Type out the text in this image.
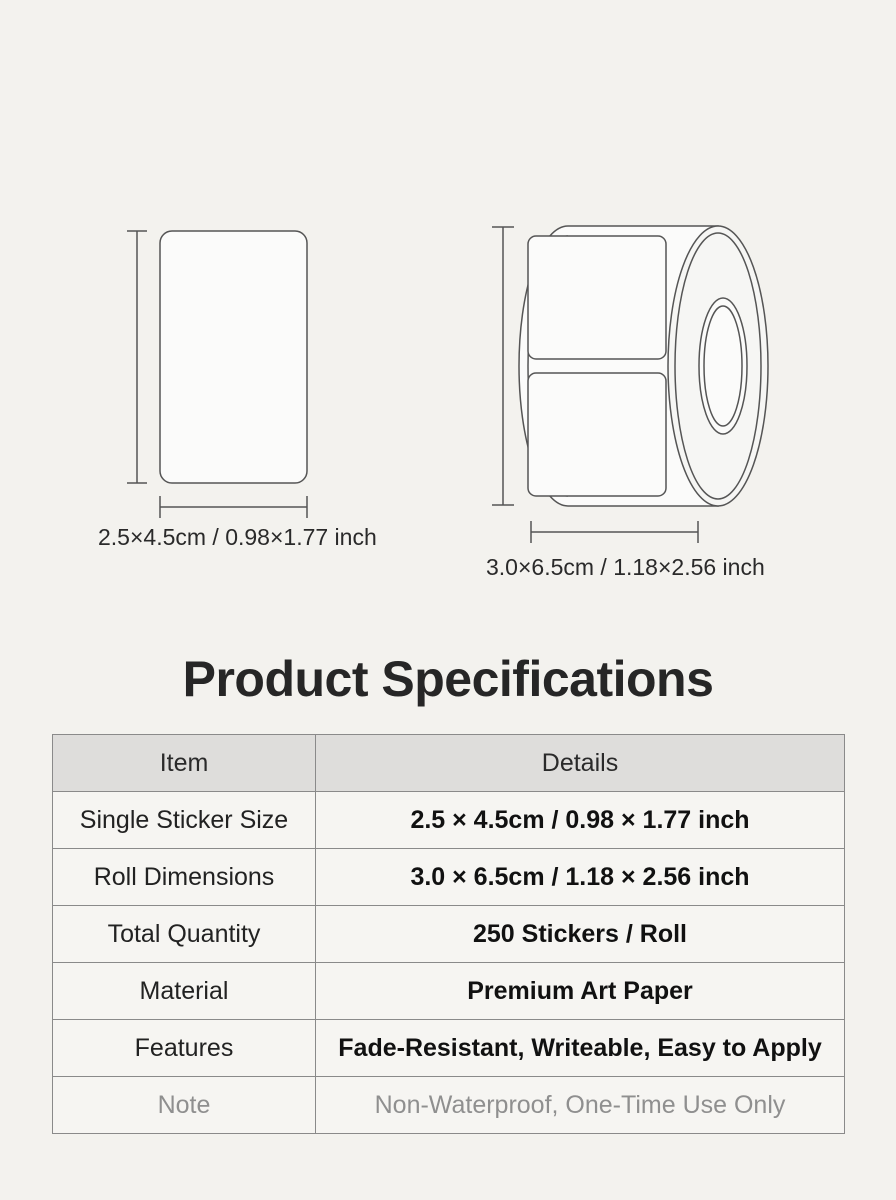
2.5×4.5cm / 0.98×1.77 inch
3.0×6.5cm / 1.18×2.56 inch
Product Specifications
Item	Details
Single Sticker Size	2.5 × 4.5cm / 0.98 × 1.77 inch
Roll Dimensions	3.0 × 6.5cm / 1.18 × 2.56 inch
Total Quantity	250 Stickers / Roll
Material	Premium Art Paper
Features	Fade-Resistant, Writeable, Easy to Apply
Note	Non-Waterproof, One-Time Use Only
